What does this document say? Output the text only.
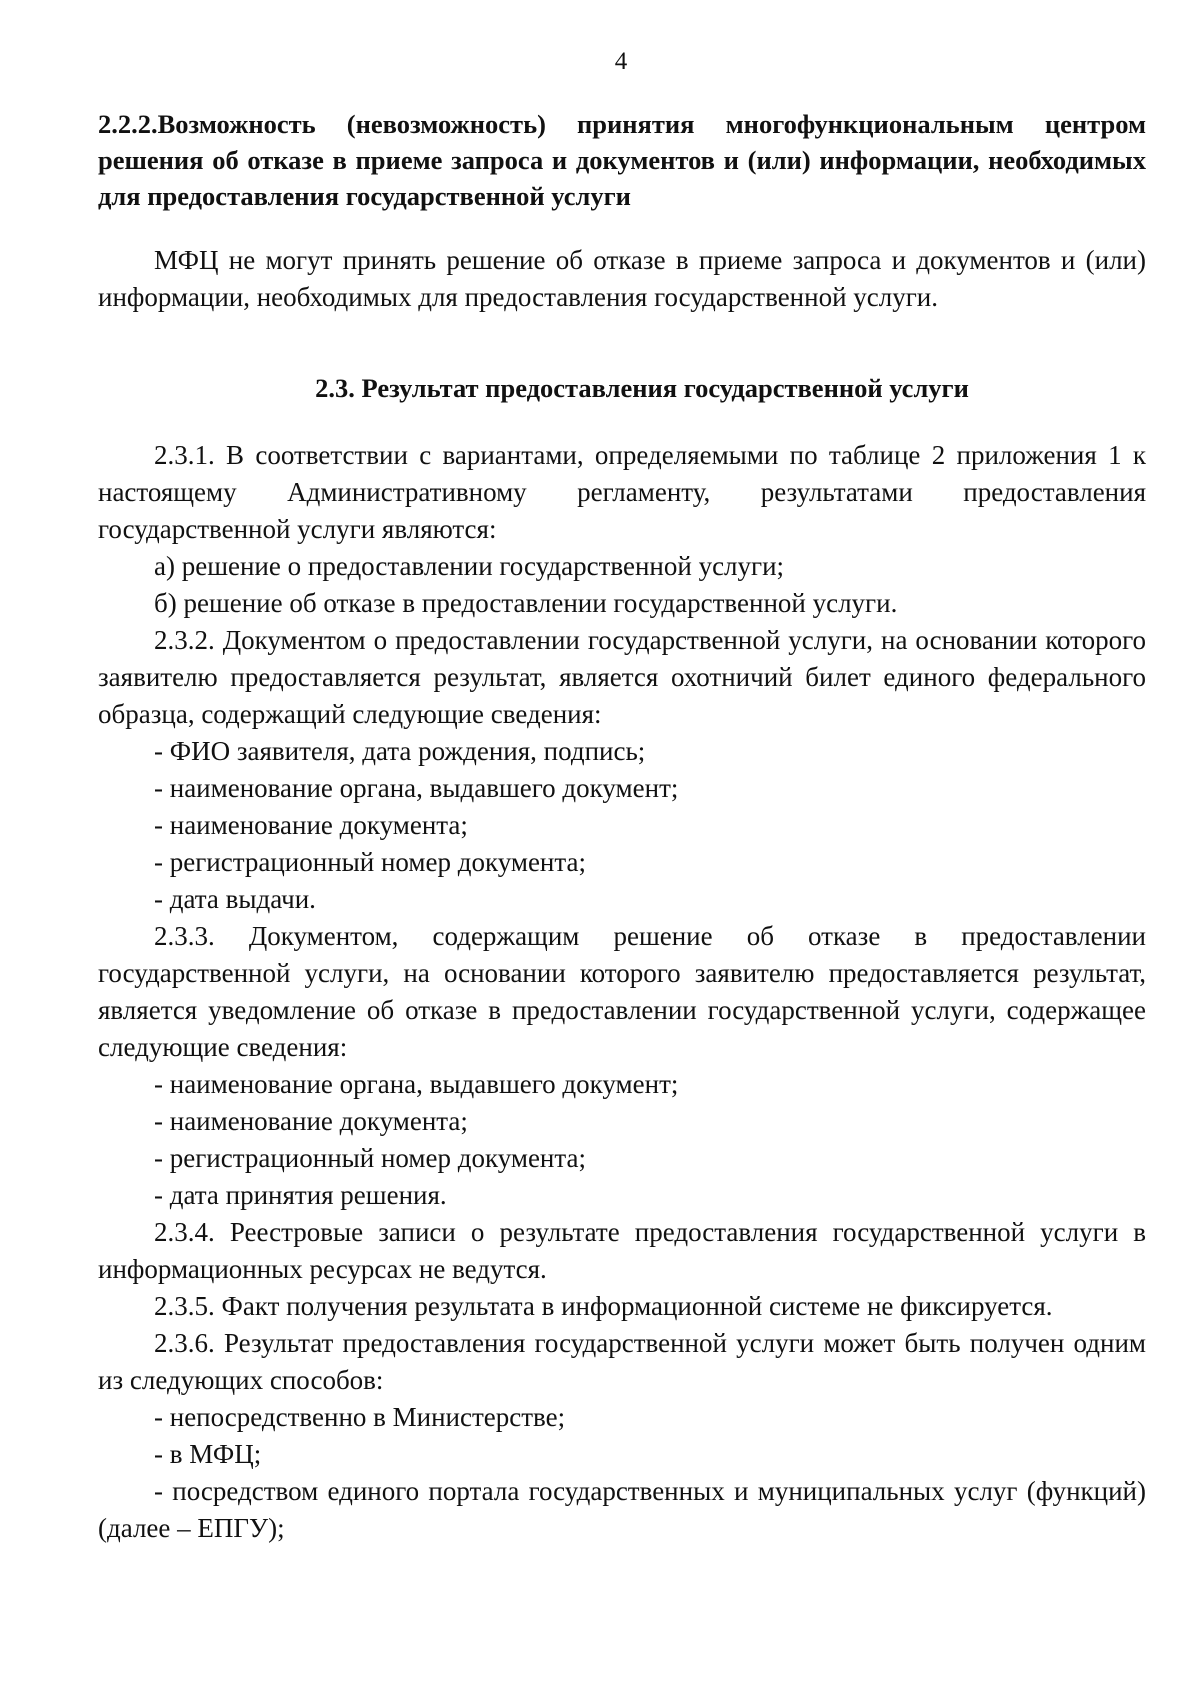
4

2.2.2.Возможность (невозможность) принятия многофункциональным центром решения об отказе в приеме запроса и документов и (или) информации, необходимых для предоставления государственной услуги

МФЦ не могут принять решение об отказе в приеме запроса и документов и (или) информации, необходимых для предоставления государственной услуги.

2.3. Результат предоставления государственной услуги

2.3.1. В соответствии с вариантами, определяемыми по таблице 2 приложения 1 к настоящему Административному регламенту, результатами предоставления государственной услуги являются:

а) решение о предоставлении государственной услуги;

б) решение об отказе в предоставлении государственной услуги.

2.3.2. Документом о предоставлении государственной услуги, на основании которого заявителю предоставляется результат, является охотничий билет единого федерального образца, содержащий следующие сведения:

- ФИО заявителя, дата рождения, подпись;

- наименование органа, выдавшего документ;

- наименование документа;

- регистрационный номер документа;

- дата выдачи.

2.3.3. Документом, содержащим решение об отказе в предоставлении государственной услуги, на основании которого заявителю предоставляется результат, является уведомление об отказе в предоставлении государственной услуги, содержащее следующие сведения:

- наименование органа, выдавшего документ;

- наименование документа;

- регистрационный номер документа;

- дата принятия решения.

2.3.4. Реестровые записи о результате предоставления государственной услуги в информационных ресурсах не ведутся.

2.3.5. Факт получения результата в информационной системе не фиксируется.

2.3.6. Результат предоставления государственной услуги может быть получен одним из следующих способов:

- непосредственно в Министерстве;

- в МФЦ;

- посредством единого портала государственных и муниципальных услуг (функций) (далее – ЕПГУ);
